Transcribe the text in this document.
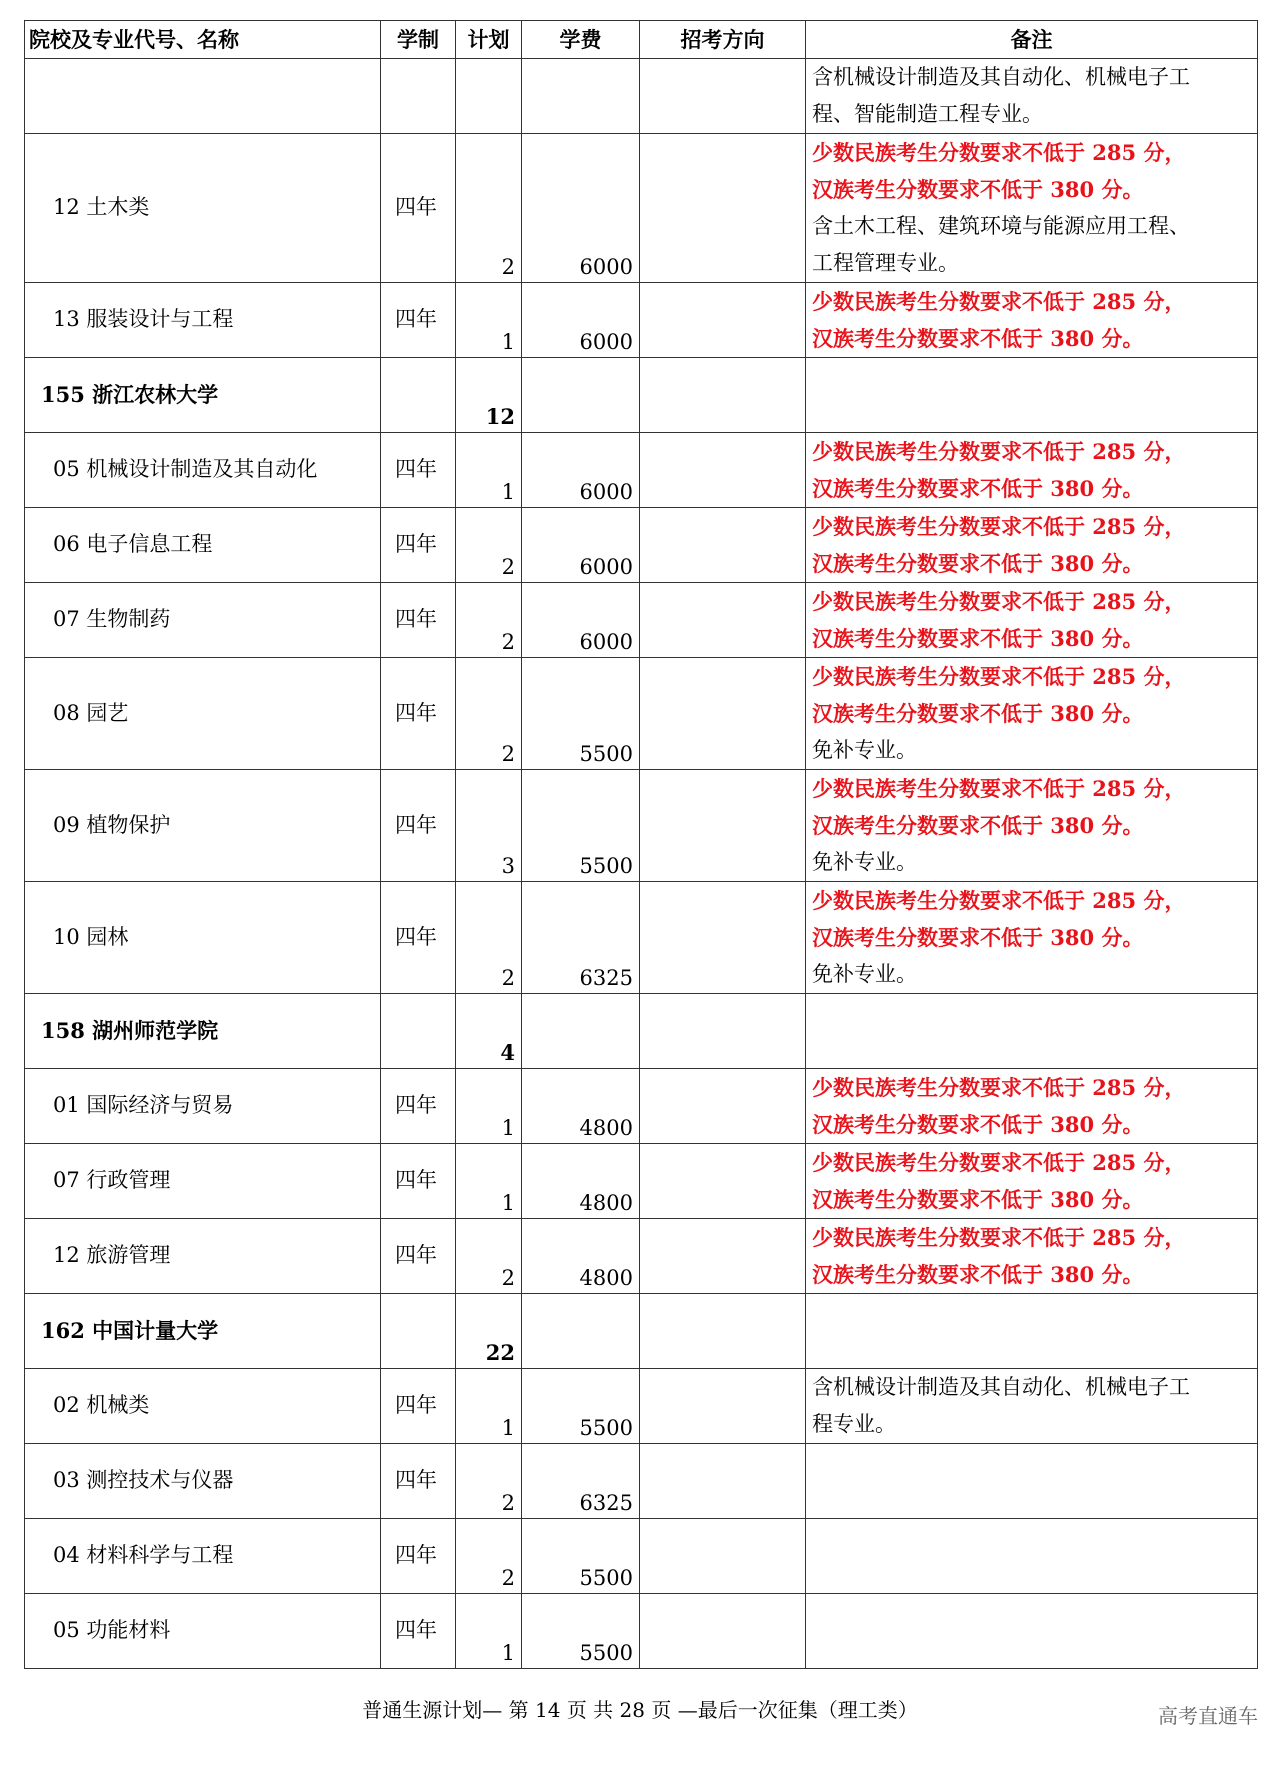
院校及专业代号、名称	学制	计划	学费	招考方向	备注

					含机械设计制造及其自动化、机械电子工
程、智能制造工程专业。

12 土木类	四年	2	6000		少数民族考生分数要求不低于 285 分，
汉族考生分数要求不低于 380 分。
含土木工程、建筑环境与能源应用工程、
工程管理专业。

13 服装设计与工程	四年	1	6000		少数民族考生分数要求不低于 285 分，
汉族考生分数要求不低于 380 分。

155 浙江农林大学		12			

05 机械设计制造及其自动化	四年	1	6000		少数民族考生分数要求不低于 285 分，
汉族考生分数要求不低于 380 分。

06 电子信息工程	四年	2	6000		少数民族考生分数要求不低于 285 分，
汉族考生分数要求不低于 380 分。

07 生物制药	四年	2	6000		少数民族考生分数要求不低于 285 分，
汉族考生分数要求不低于 380 分。

08 园艺	四年	2	5500		少数民族考生分数要求不低于 285 分，
汉族考生分数要求不低于 380 分。
免补专业。

09 植物保护	四年	3	5500		少数民族考生分数要求不低于 285 分，
汉族考生分数要求不低于 380 分。
免补专业。

10 园林	四年	2	6325		少数民族考生分数要求不低于 285 分，
汉族考生分数要求不低于 380 分。
免补专业。

158 湖州师范学院		4			

01 国际经济与贸易	四年	1	4800		少数民族考生分数要求不低于 285 分，
汉族考生分数要求不低于 380 分。

07 行政管理	四年	1	4800		少数民族考生分数要求不低于 285 分，
汉族考生分数要求不低于 380 分。

12 旅游管理	四年	2	4800		少数民族考生分数要求不低于 285 分，
汉族考生分数要求不低于 380 分。

162 中国计量大学		22			

02 机械类	四年	1	5500		含机械设计制造及其自动化、机械电子工
程专业。

03 测控技术与仪器	四年	2	6325		

04 材料科学与工程	四年	2	5500		

05 功能材料	四年	1	5500		

普通生源计划— 第 14 页 共 28 页 —最后一次征集（理工类）	高考直通车
